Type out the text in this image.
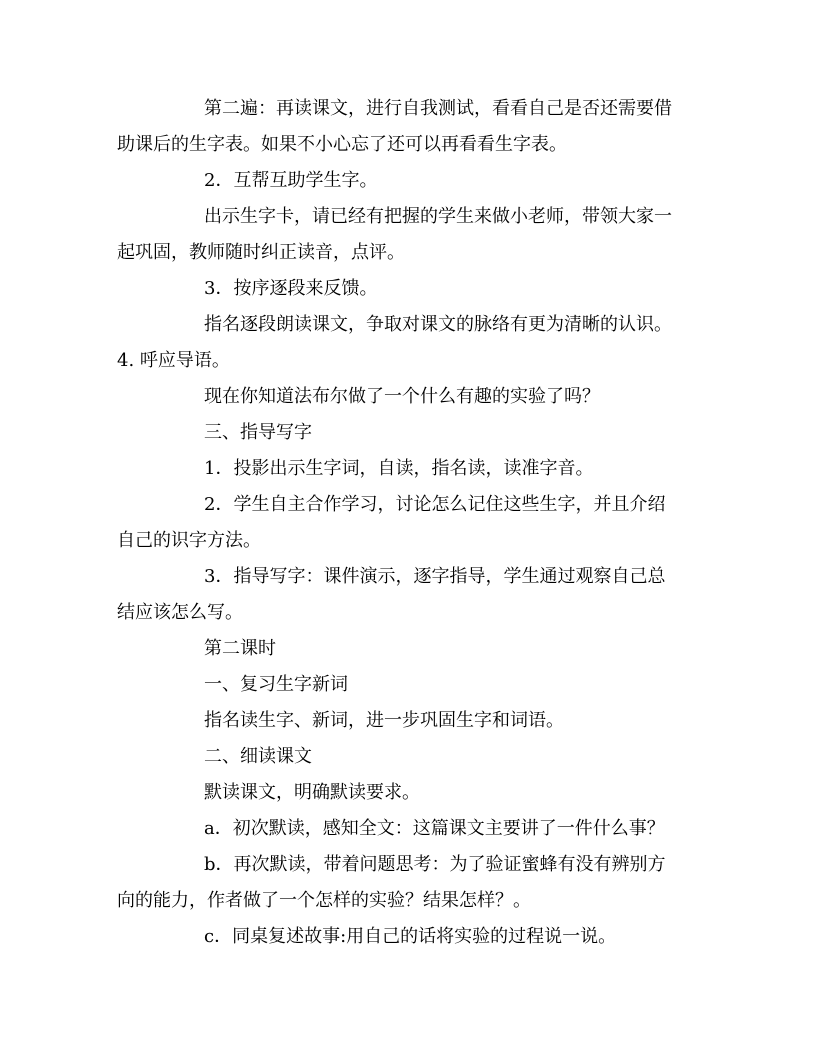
第二遍：再读课文，进行自我测试，看看自己是否还需要借
助课后的生字表。如果不小心忘了还可以再看看生字表。
2．互帮互助学生字。
出示生字卡，请已经有把握的学生来做小老师，带领大家一
起巩固，教师随时纠正读音，点评。
3．按序逐段来反馈。
指名逐段朗读课文，争取对课文的脉络有更为清晰的认识。
4. 呼应导语。
现在你知道法布尔做了一个什么有趣的实验了吗？
三、指导写字
1．投影出示生字词，自读，指名读，读准字音。
2．学生自主合作学习，讨论怎么记住这些生字，并且介绍
自己的识字方法。
3．指导写字：课件演示，逐字指导，学生通过观察自己总
结应该怎么写。
第二课时
一、复习生字新词
指名读生字、新词，进一步巩固生字和词语。
二、细读课文
默读课文，明确默读要求。
a．初次默读，感知全文：这篇课文主要讲了一件什么事？
b．再次默读，带着问题思考：为了验证蜜蜂有没有辨别方
向的能力，作者做了一个怎样的实验？结果怎样？。
c．同桌复述故事:用自己的话将实验的过程说一说。
